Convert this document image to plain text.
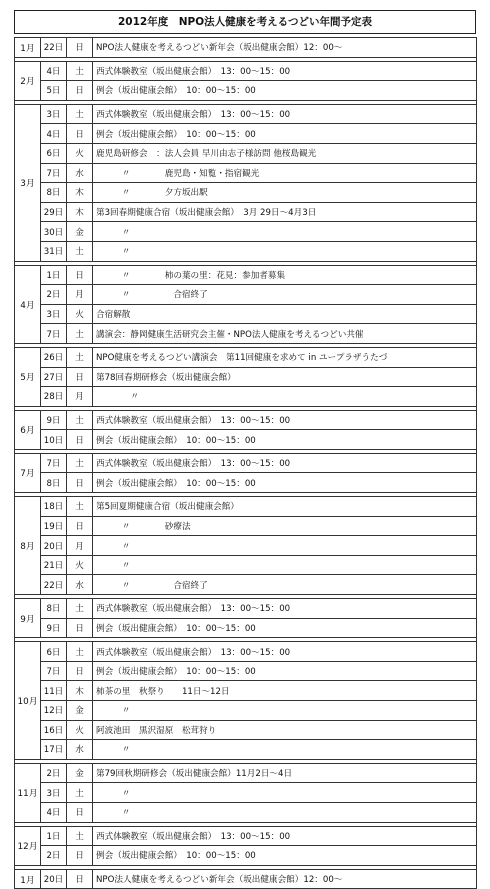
2012年度　NPO法人健康を考えるつどい年間予定表
1月	22日	日	NPO法人健康を考えるつどい新年会（坂出健康会館）12：00～

2月	4日	土	西式体験教室（坂出健康会館）　13：00～15：00
	5日	日	例会（坂出健康会館）　10：00～15：00

3月	3日	土	西式体験教室（坂出健康会館）　13：00～15：00
	4日	日	例会（坂出健康会館）　10：00～15：00
	6日	火	鹿児島研修会　：法人会員 早川由志子様訪問 他桜島観光
	7日	水	　　　〃　　　　鹿児島・知覧・指宿観光
	8日	木	　　　〃　　　　夕方坂出駅
	29日	木	第3回春期健康合宿（坂出健康会館）　3月 29日～4月3日
	30日	金	　　　〃
	31日	土	　　　〃

4月	1日	日	　　　〃　　　　柿の葉の里：花見：参加者募集
	2日	月	　　　〃　　　　　合宿終了
	3日	火	合宿解散
	7日	土	講演会：静岡健康生活研究会主催・NPO法人健康を考えるつどい共催

5月	26日	土	NPO健康を考えるつどい講演会　第11回健康を求めて in ユープラザうたづ
	27日	日	第78回春期研修会（坂出健康会館）
	28日	月	　　　　〃

6月	9日	土	西式体験教室（坂出健康会館）　13：00～15：00
	10日	日	例会（坂出健康会館）　10：00～15：00

7月	7日	土	西式体験教室（坂出健康会館）　13：00～15：00
	8日	日	例会（坂出健康会館）　10：00～15：00

8月	18日	土	第5回夏期健康合宿（坂出健康会館）
	19日	日	　　　〃　　　　砂療法
	20日	月	　　　〃
	21日	火	　　　〃
	22日	水	　　　〃　　　　　合宿終了

9月	8日	土	西式体験教室（坂出健康会館）　13：00～15：00
	9日	日	例会（坂出健康会館）　10：00～15：00

10月	6日	土	西式体験教室（坂出健康会館）　13：00～15：00
	7日	日	例会（坂出健康会館）　10：00～15：00
	11日	木	柿茶の里　秋祭り　　11日～12日
	12日	金	　　　〃
	16日	火	阿波池田　黒沢湿原　松茸狩り
	17日	水	　　　〃

11月	2日	金	第79回秋期研修会（坂出健康会館）11月2日～4日
	3日	土	　　　〃
	4日	日	　　　〃

12月	1日	土	西式体験教室（坂出健康会館）　13：00～15：00
	2日	日	例会（坂出健康会館）　10：00～15：00

1月	20日	日	NPO法人健康を考えるつどい新年会（坂出健康会館）12：00～
